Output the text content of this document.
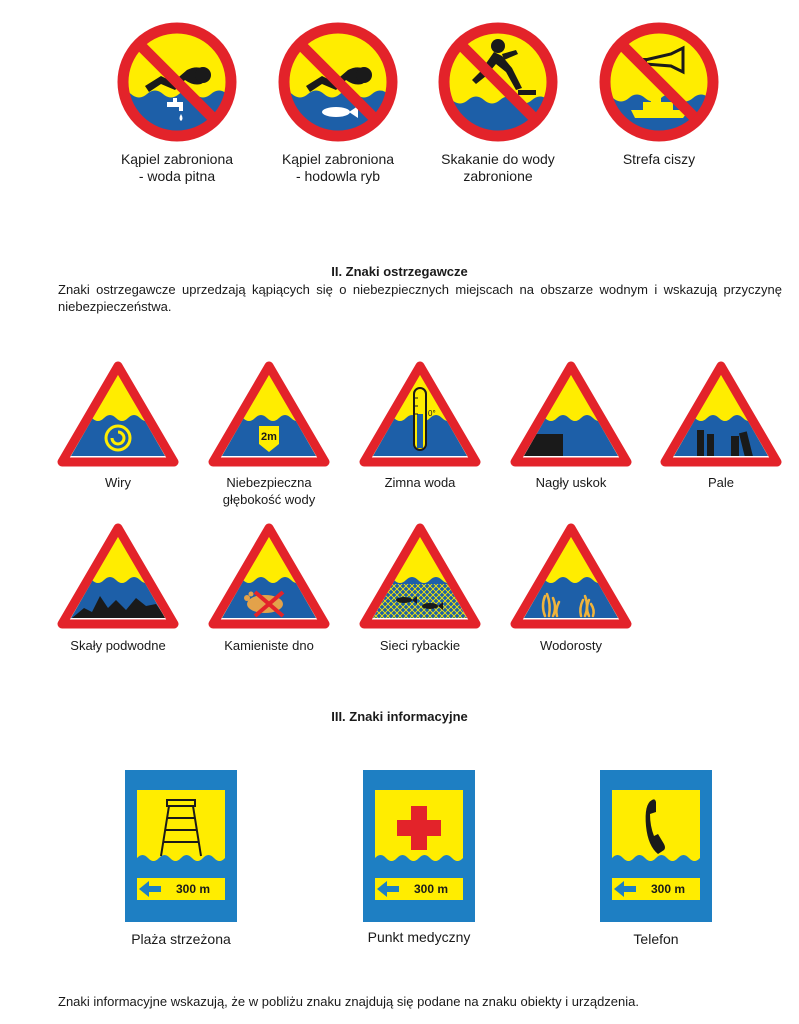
Kąpiel zabroniona
- woda pitna
Kąpiel zabroniona
- hodowla ryb
Skakanie do wody
zabronione
Strefa ciszy
II. Znaki ostrzegawcze
Znaki ostrzegawcze uprzedzają kąpiących się o niebezpiecznych miejscach na obszarze wodnym i wskazują przyczynę niebezpieczeństwa.
2m
0°
Wiry	Niebezpieczna
głębokość wody
Zimna woda	Nagły uskok	Pale
Skały podwodne	Kamieniste dno	Sieci rybackie	Wodorosty
III. Znaki informacyjne
300 m	300 m	300 m
Plaża strzeżona	Punkt medyczny	Telefon
Znaki informacyjne wskazują, że w pobliżu znaku znajdują się podane na znaku obiekty i urządzenia.
